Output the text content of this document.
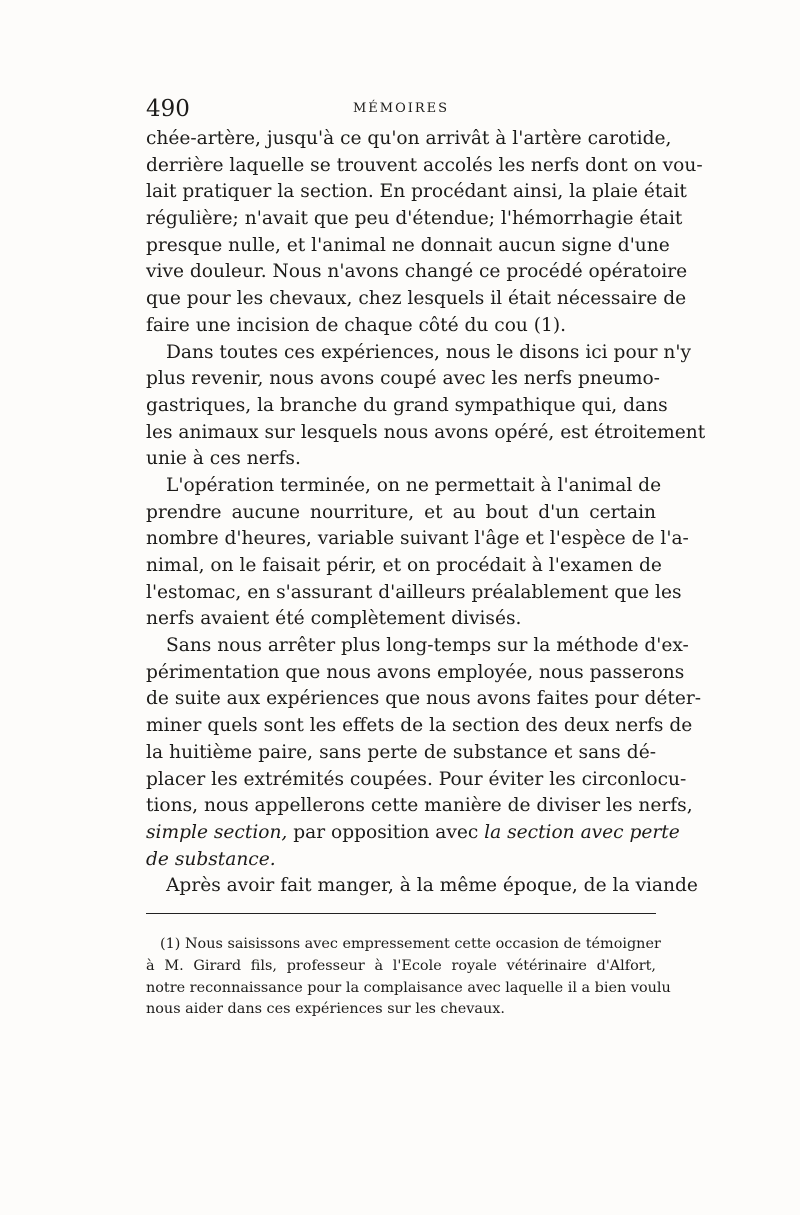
490	MÉMOIRES
chée-artère, jusqu'à ce qu'on arrivât à l'artère carotide,
derrière laquelle se trouvent accolés les nerfs dont on vou-
lait pratiquer la section. En procédant ainsi, la plaie était
régulière; n'avait que peu d'étendue; l'hémorrhagie était
presque nulle, et l'animal ne donnait aucun signe d'une
vive douleur. Nous n'avons changé ce procédé opératoire
que pour les chevaux, chez lesquels il était nécessaire de
faire une incision de chaque côté du cou (1).
Dans toutes ces expériences, nous le disons ici pour n'y
plus revenir, nous avons coupé avec les nerfs pneumo-
gastriques, la branche du grand sympathique qui, dans
les animaux sur lesquels nous avons opéré, est étroitement
unie à ces nerfs.
L'opération terminée, on ne permettait à l'animal de
prendre aucune nourriture, et au bout d'un certain
nombre d'heures, variable suivant l'âge et l'espèce de l'a-
nimal, on le faisait périr, et on procédait à l'examen de
l'estomac, en s'assurant d'ailleurs préalablement que les
nerfs avaient été complètement divisés.
Sans nous arrêter plus long-temps sur la méthode d'ex-
périmentation que nous avons employée, nous passerons
de suite aux expériences que nous avons faites pour déter-
miner quels sont les effets de la section des deux nerfs de
la huitième paire, sans perte de substance et sans dé-
placer les extrémités coupées. Pour éviter les circonlocu-
tions, nous appellerons cette manière de diviser les nerfs,
simple section, par opposition avec la section avec perte
de substance.
Après avoir fait manger, à la même époque, de la viande
(1) Nous saisissons avec empressement cette occasion de témoigner
à M. Girard fils, professeur à l'Ecole royale vétérinaire d'Alfort,
notre reconnaissance pour la complaisance avec laquelle il a bien voulu
nous aider dans ces expériences sur les chevaux.
